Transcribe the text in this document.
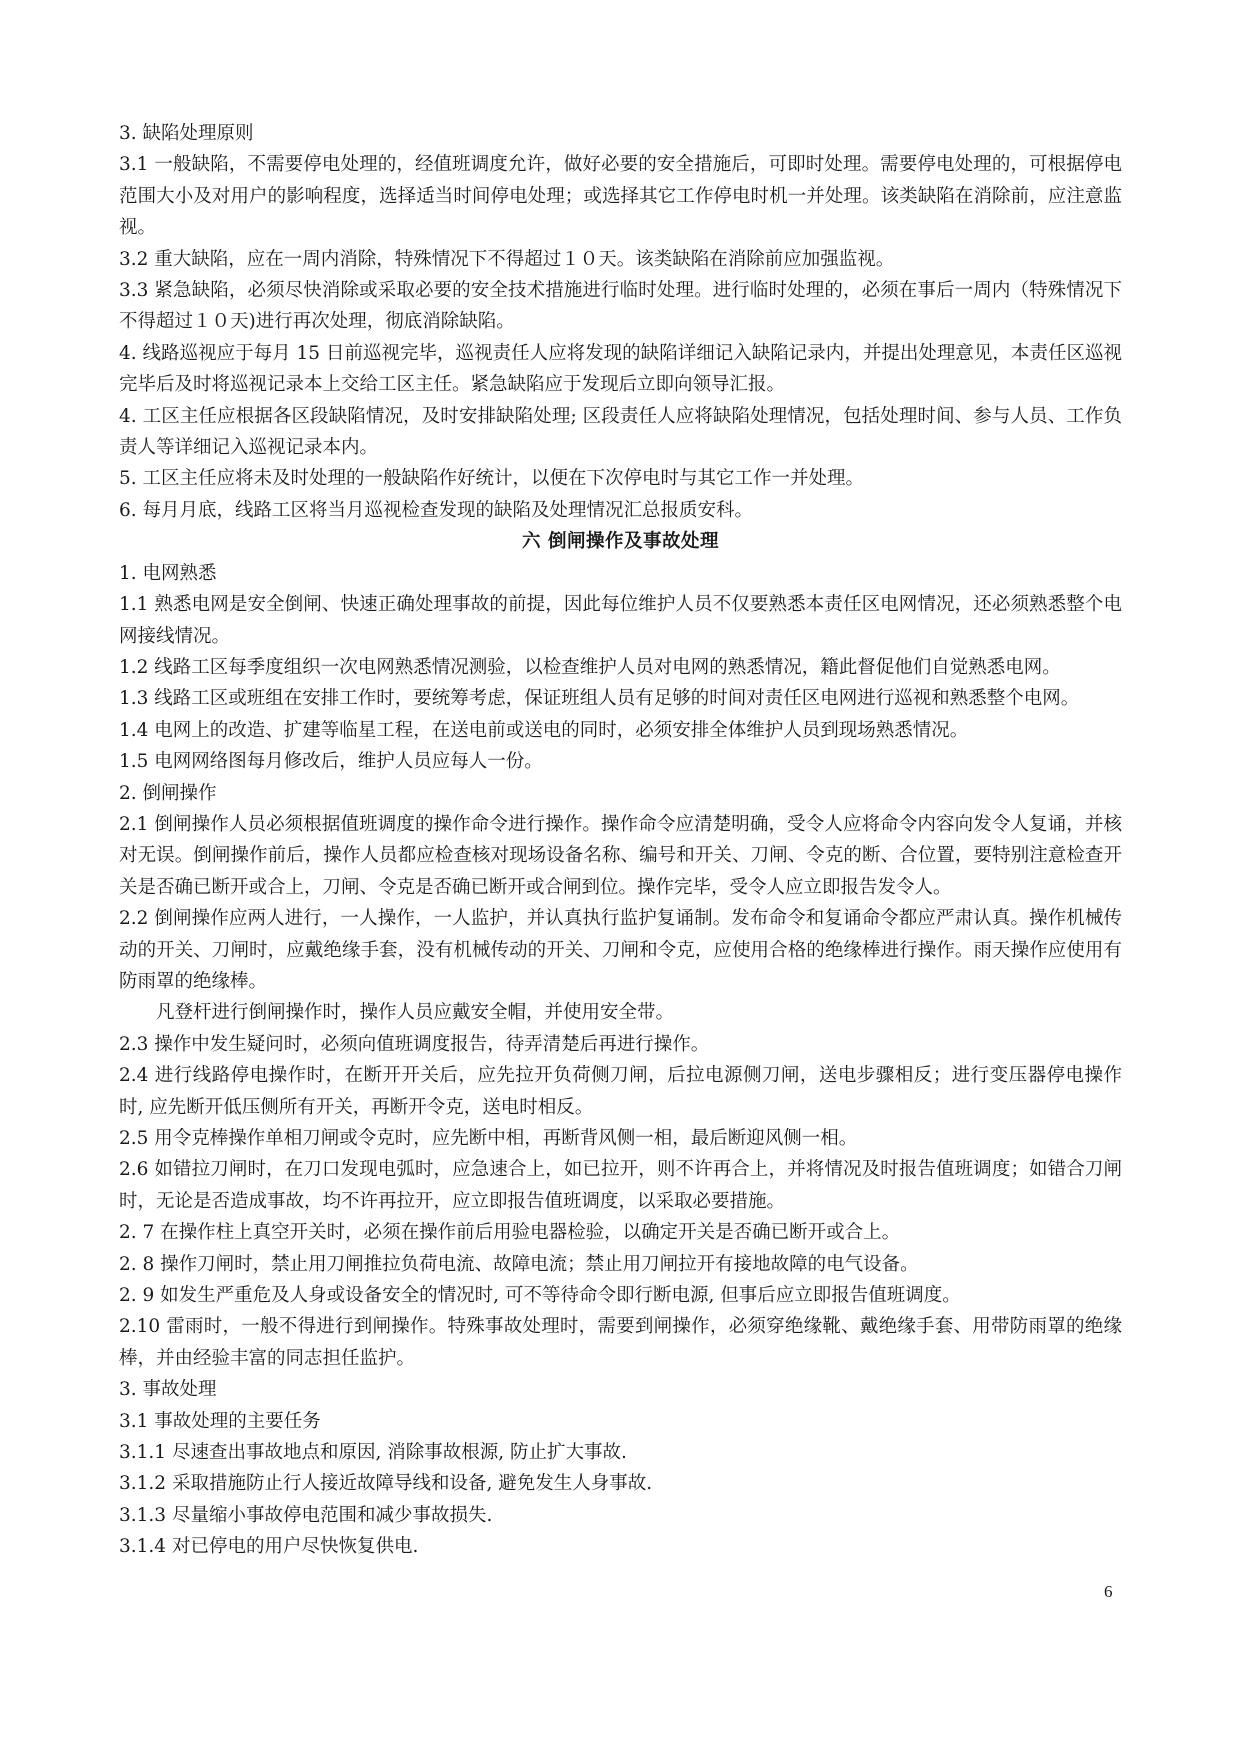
3. 缺陷处理原则
3.1 一般缺陷，不需要停电处理的，经值班调度允许，做好必要的安全措施后，可即时处理。需要停电处理的，可根据停电范围大小及对用户的影响程度，选择适当时间停电处理；或选择其它工作停电时机一并处理。该类缺陷在消除前，应注意监视。
3.2 重大缺陷，应在一周内消除，特殊情况下不得超过１０天。该类缺陷在消除前应加强监视。
3.3 紧急缺陷，必须尽快消除或采取必要的安全技术措施进行临时处理。进行临时处理的，必须在事后一周内（特殊情况下不得超过１０天)进行再次处理，彻底消除缺陷。
4. 线路巡视应于每月 15 日前巡视完毕，巡视责任人应将发现的缺陷详细记入缺陷记录内，并提出处理意见，本责任区巡视完毕后及时将巡视记录本上交给工区主任。紧急缺陷应于发现后立即向领导汇报。
4. 工区主任应根据各区段缺陷情况，及时安排缺陷处理; 区段责任人应将缺陷处理情况，包括处理时间、参与人员、工作负责人等详细记入巡视记录本内。
5. 工区主任应将未及时处理的一般缺陷作好统计，以便在下次停电时与其它工作一并处理。
6. 每月月底，线路工区将当月巡视检查发现的缺陷及处理情况汇总报质安科。
六 倒闸操作及事故处理
1. 电网熟悉
1.1 熟悉电网是安全倒闸、快速正确处理事故的前提，因此每位维护人员不仅要熟悉本责任区电网情况，还必须熟悉整个电网接线情况。
1.2 线路工区每季度组织一次电网熟悉情况测验，以检查维护人员对电网的熟悉情况，籍此督促他们自觉熟悉电网。
1.3 线路工区或班组在安排工作时，要统筹考虑，保证班组人员有足够的时间对责任区电网进行巡视和熟悉整个电网。
1.4 电网上的改造、扩建等临星工程，在送电前或送电的同时，必须安排全体维护人员到现场熟悉情况。
1.5 电网网络图每月修改后，维护人员应每人一份。
2. 倒闸操作
2.1 倒闸操作人员必须根据值班调度的操作命令进行操作。操作命令应清楚明确，受令人应将命令内容向发令人复诵，并核对无误。倒闸操作前后，操作人员都应检查核对现场设备名称、编号和开关、刀闸、令克的断、合位置，要特别注意检查开关是否确已断开或合上，刀闸、令克是否确已断开或合闸到位。操作完毕，受令人应立即报告发令人。
2.2 倒闸操作应两人进行，一人操作，一人监护，并认真执行监护复诵制。发布命令和复诵命令都应严肃认真。操作机械传动的开关、刀闸时，应戴绝缘手套，没有机械传动的开关、刀闸和令克，应使用合格的绝缘棒进行操作。雨天操作应使用有防雨罩的绝缘棒。
凡登杆进行倒闸操作时，操作人员应戴安全帽，并使用安全带。
2.3 操作中发生疑问时，必须向值班调度报告，待弄清楚后再进行操作。
2.4 进行线路停电操作时，在断开开关后，应先拉开负荷侧刀闸，后拉电源侧刀闸，送电步骤相反；进行变压器停电操作时, 应先断开低压侧所有开关，再断开令克，送电时相反。
2.5 用令克棒操作单相刀闸或令克时，应先断中相，再断背风侧一相，最后断迎风侧一相。
2.6 如错拉刀闸时，在刀口发现电弧时，应急速合上，如已拉开，则不许再合上，并将情况及时报告值班调度；如错合刀闸时，无论是否造成事故，均不许再拉开，应立即报告值班调度，以采取必要措施。
2. 7 在操作柱上真空开关时，必须在操作前后用验电器检验，以确定开关是否确已断开或合上。
2. 8 操作刀闸时，禁止用刀闸推拉负荷电流、故障电流；禁止用刀闸拉开有接地故障的电气设备。
2. 9 如发生严重危及人身或设备安全的情况时, 可不等待命令即行断电源, 但事后应立即报告值班调度。
2.10 雷雨时，一般不得进行到闸操作。特殊事故处理时，需要到闸操作，必须穿绝缘靴、戴绝缘手套、用带防雨罩的绝缘棒，并由经验丰富的同志担任监护。
3. 事故处理
3.1 事故处理的主要任务
3.1.1 尽速查出事故地点和原因, 消除事故根源, 防止扩大事故.
3.1.2 采取措施防止行人接近故障导线和设备, 避免发生人身事故.
3.1.3 尽量缩小事故停电范围和减少事故损失.
3.1.4 对已停电的用户尽快恢复供电.
6
